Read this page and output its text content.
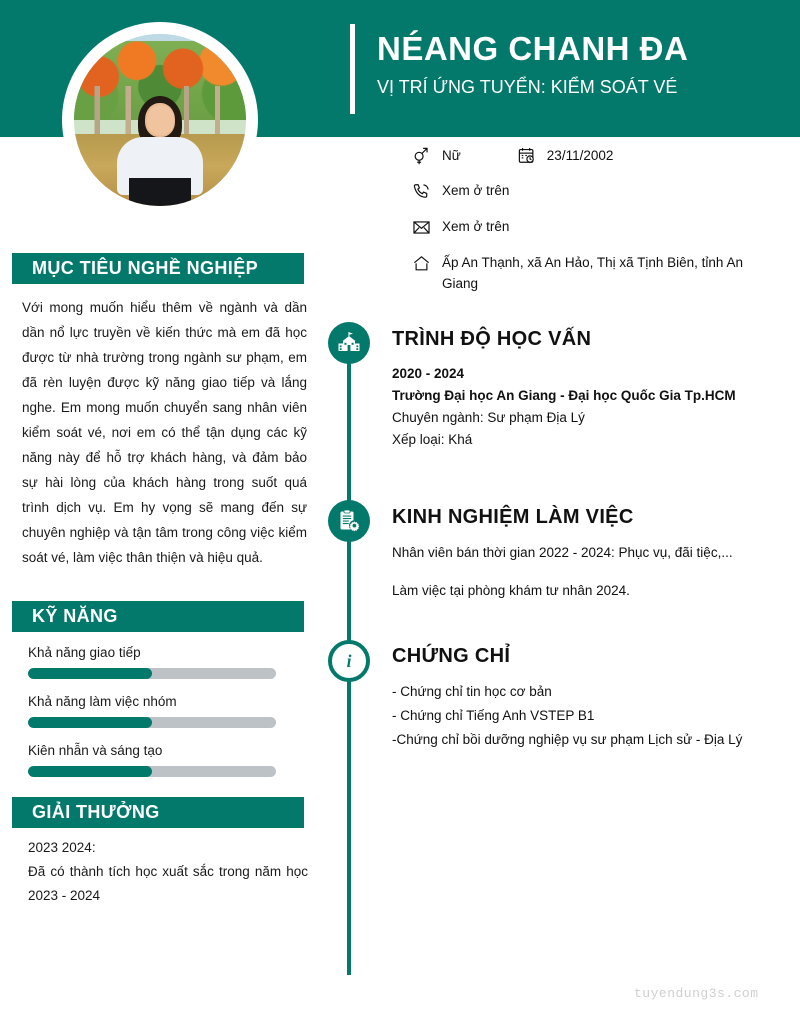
NÉANG CHANH ĐA
VỊ TRÍ ỨNG TUYỂN: KIỂM SOÁT VÉ
Nữ	23/11/2002
Xem ở trên
Xem ở trên
Ấp An Thạnh, xã An Hảo, Thị xã Tịnh Biên, tỉnh An Giang
MỤC TIÊU NGHỀ NGHIỆP
Với mong muốn hiểu thêm về ngành và dần dần nổ lực truyền về kiến thức mà em đã học được từ nhà trường trong ngành sư phạm, em đã rèn luyện được kỹ năng giao tiếp và lắng nghe. Em mong muốn chuyển sang nhân viên kiểm soát vé, nơi em có thể tận dụng các kỹ năng này để hỗ trợ khách hàng, và đảm bảo sự hài lòng của khách hàng trong suốt quá trình dịch vụ. Em hy vọng sẽ mang đến sự chuyên nghiệp và tận tâm trong công việc kiểm soát vé, làm việc thân thiện và hiệu quả.
KỸ NĂNG
Khả năng giao tiếp
Khả năng làm việc nhóm
Kiên nhẫn và sáng tạo
GIẢI THƯỞNG
2023 2024:
Đã có thành tích học xuất sắc trong năm học 2023 - 2024
i
TRÌNH ĐỘ HỌC VẤN
2020 - 2024
Trường Đại học An Giang - Đại học Quốc Gia Tp.HCM
Chuyên ngành: Sư phạm Địa Lý
Xếp loại: Khá
KINH NGHIỆM LÀM VIỆC
Nhân viên bán thời gian 2022 - 2024: Phục vụ, đãi tiệc,...
Làm việc tại phòng khám tư nhân 2024.
CHỨNG CHỈ
- Chứng chỉ tin học cơ bản
- Chứng chỉ Tiếng Anh VSTEP B1
-Chứng chỉ bồi dưỡng nghiệp vụ sư phạm Lịch sử - Địa Lý
tuyendung3s.com
